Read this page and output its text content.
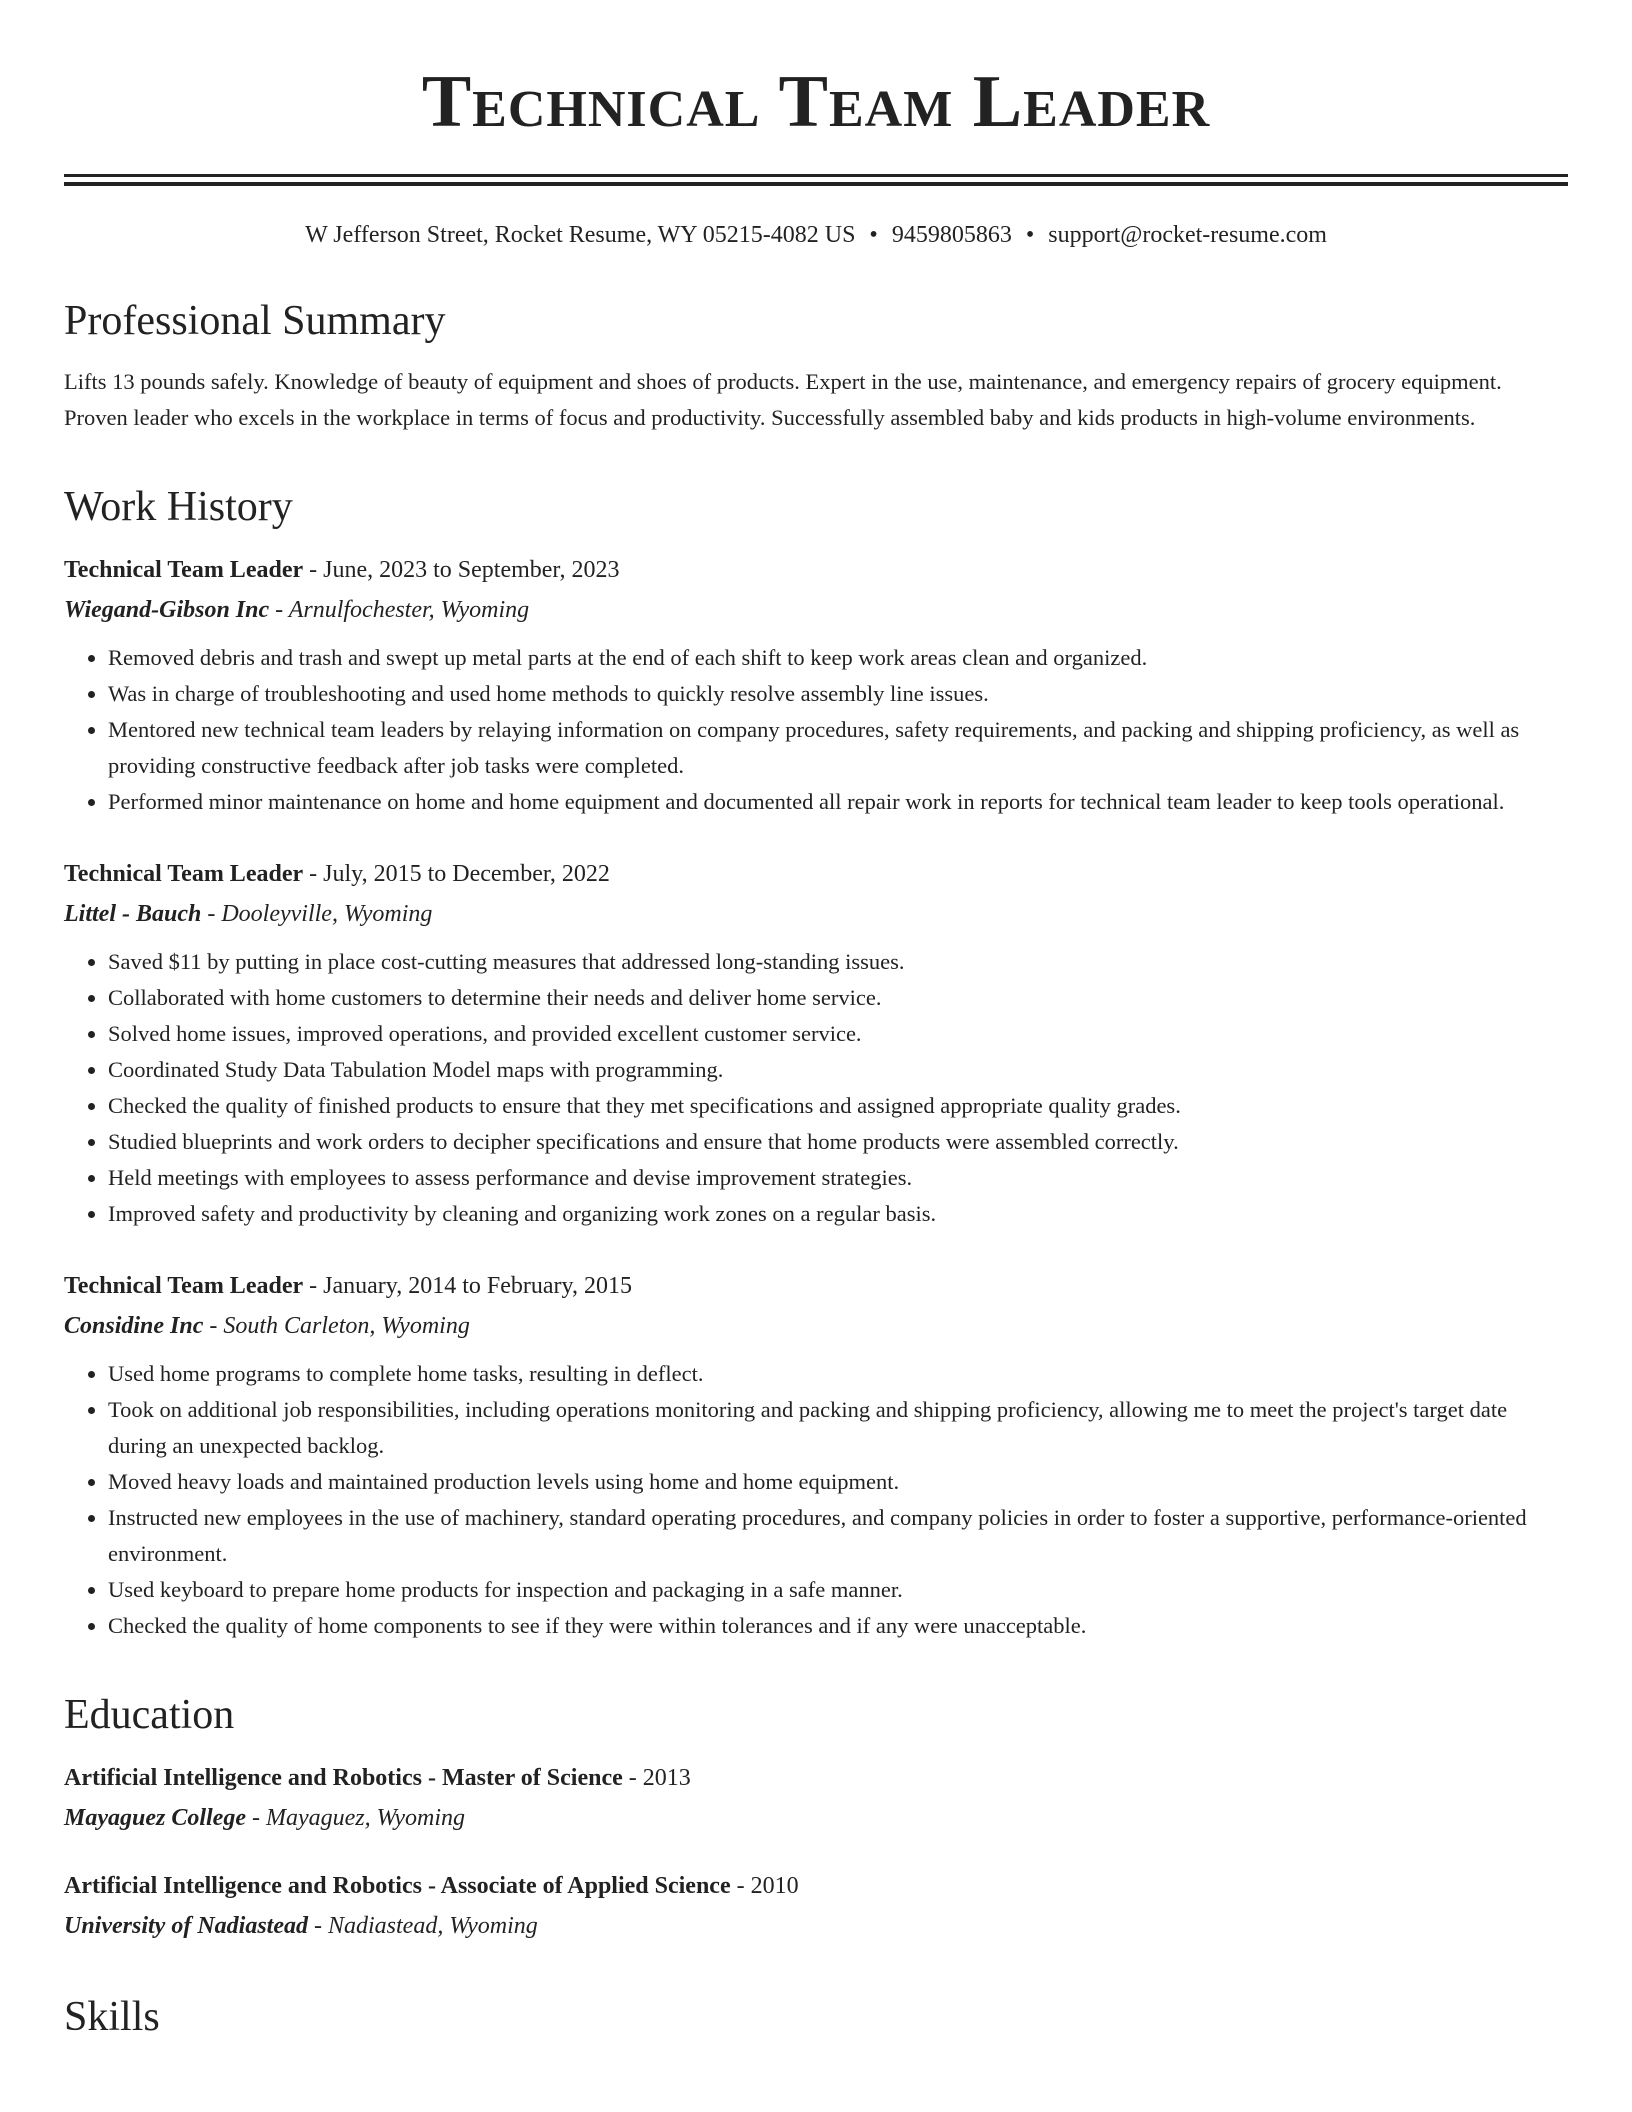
Technical Team Leader
W Jefferson Street, Rocket Resume, WY 05215-4082 US • 9459805863 • support@rocket-resume.com
Professional Summary

Lifts 13 pounds safely. Knowledge of beauty of equipment and shoes of products. Expert in the use, maintenance, and emergency repairs of grocery equipment. Proven leader who excels in the workplace in terms of focus and productivity. Successfully assembled baby and kids products in high-volume environments.

Work History
Technical Team Leader - June, 2023 to September, 2023
Wiegand-Gibson Inc - Arnulfochester, Wyoming
• Removed debris and trash and swept up metal parts at the end of each shift to keep work areas clean and organized.
• Was in charge of troubleshooting and used home methods to quickly resolve assembly line issues.
• Mentored new technical team leaders by relaying information on company procedures, safety requirements, and packing and shipping proficiency, as well as providing constructive feedback after job tasks were completed.
• Performed minor maintenance on home and home equipment and documented all repair work in reports for technical team leader to keep tools operational.
Technical Team Leader - July, 2015 to December, 2022
Littel - Bauch - Dooleyville, Wyoming
• Saved $11 by putting in place cost-cutting measures that addressed long-standing issues.
• Collaborated with home customers to determine their needs and deliver home service.
• Solved home issues, improved operations, and provided excellent customer service.
• Coordinated Study Data Tabulation Model maps with programming.
• Checked the quality of finished products to ensure that they met specifications and assigned appropriate quality grades.
• Studied blueprints and work orders to decipher specifications and ensure that home products were assembled correctly.
• Held meetings with employees to assess performance and devise improvement strategies.
• Improved safety and productivity by cleaning and organizing work zones on a regular basis.
Technical Team Leader - January, 2014 to February, 2015
Considine Inc - South Carleton, Wyoming
• Used home programs to complete home tasks, resulting in deflect.
• Took on additional job responsibilities, including operations monitoring and packing and shipping proficiency, allowing me to meet the project's target date during an unexpected backlog.
• Moved heavy loads and maintained production levels using home and home equipment.
• Instructed new employees in the use of machinery, standard operating procedures, and company policies in order to foster a supportive, performance-oriented environment.
• Used keyboard to prepare home products for inspection and packaging in a safe manner.
• Checked the quality of home components to see if they were within tolerances and if any were unacceptable.
Education
Artificial Intelligence and Robotics - Master of Science - 2013
Mayaguez College - Mayaguez, Wyoming
Artificial Intelligence and Robotics - Associate of Applied Science - 2010
University of Nadiastead - Nadiastead, Wyoming
Skills
